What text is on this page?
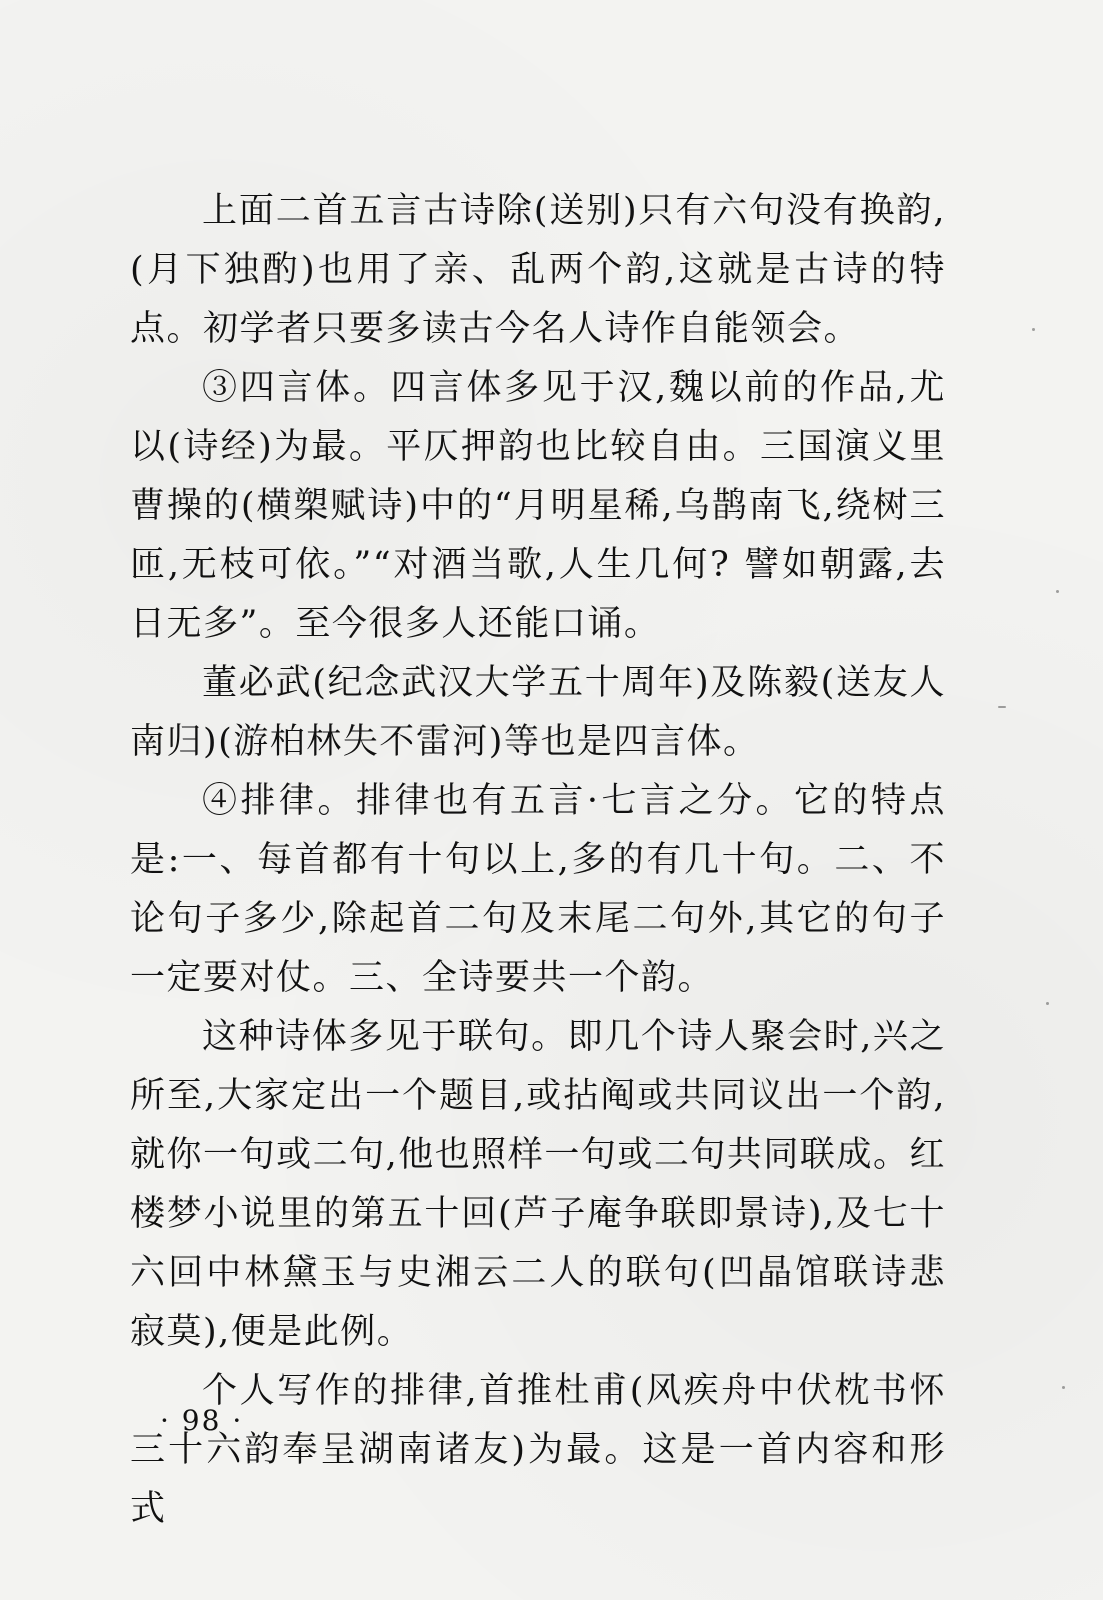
上面二首五言古诗除(送别)只有六句没有换韵,(月下独酌)也用了亲、乱两个韵,这就是古诗的特点。初学者只要多读古今名人诗作自能领会。

③四言体。四言体多见于汉,魏以前的作品,尤以(诗经)为最。平仄押韵也比较自由。三国演义里曹操的(横槊赋诗)中的“月明星稀,乌鹊南飞,绕树三匝,无枝可依。”“对酒当歌,人生几何? 譬如朝露,去日无多”。至今很多人还能口诵。

董必武(纪念武汉大学五十周年)及陈毅(送友人南归)(游柏林失不雷河)等也是四言体。

④排律。排律也有五言·七言之分。它的特点是:一、每首都有十句以上,多的有几十句。二、不论句子多少,除起首二句及末尾二句外,其它的句子一定要对仗。三、全诗要共一个韵。

这种诗体多见于联句。即几个诗人聚会时,兴之所至,大家定出一个题目,或拈阄或共同议出一个韵,就你一句或二句,他也照样一句或二句共同联成。红楼梦小说里的第五十回(芦子庵争联即景诗),及七十六回中林黛玉与史湘云二人的联句(凹晶馆联诗悲寂莫),便是此例。

个人写作的排律,首推杜甫(风疾舟中伏枕书怀三十六韵奉呈湖南诸友)为最。这是一首内容和形式

· 98 ·
